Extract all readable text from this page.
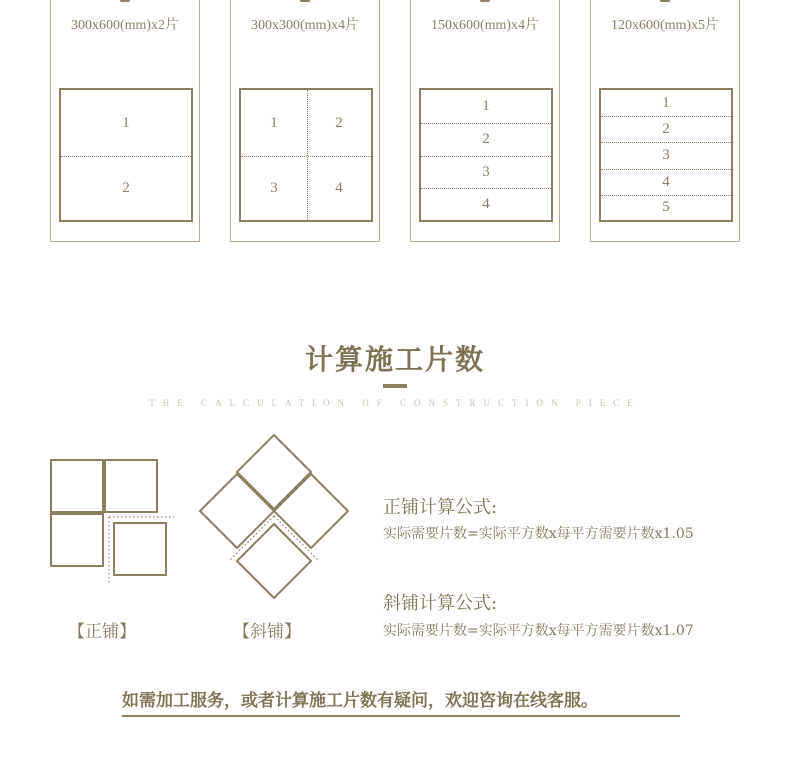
300x600(mm)x2片
1
2
300x300(mm)x4片
1	2
3	4
150x600(mm)x4片
1
2
3
4
120x600(mm)x5片
1
2
3
4
5
计算施工片数
THE CALCULATION OF CONSTRUCTION PIECE
【正铺】	【斜铺】
正铺计算公式:
实际需要片数=实际平方数x每平方需要片数x1.05
斜铺计算公式:
实际需要片数=实际平方数x每平方需要片数x1.07
如需加工服务，或者计算施工片数有疑问，欢迎咨询在线客服。
